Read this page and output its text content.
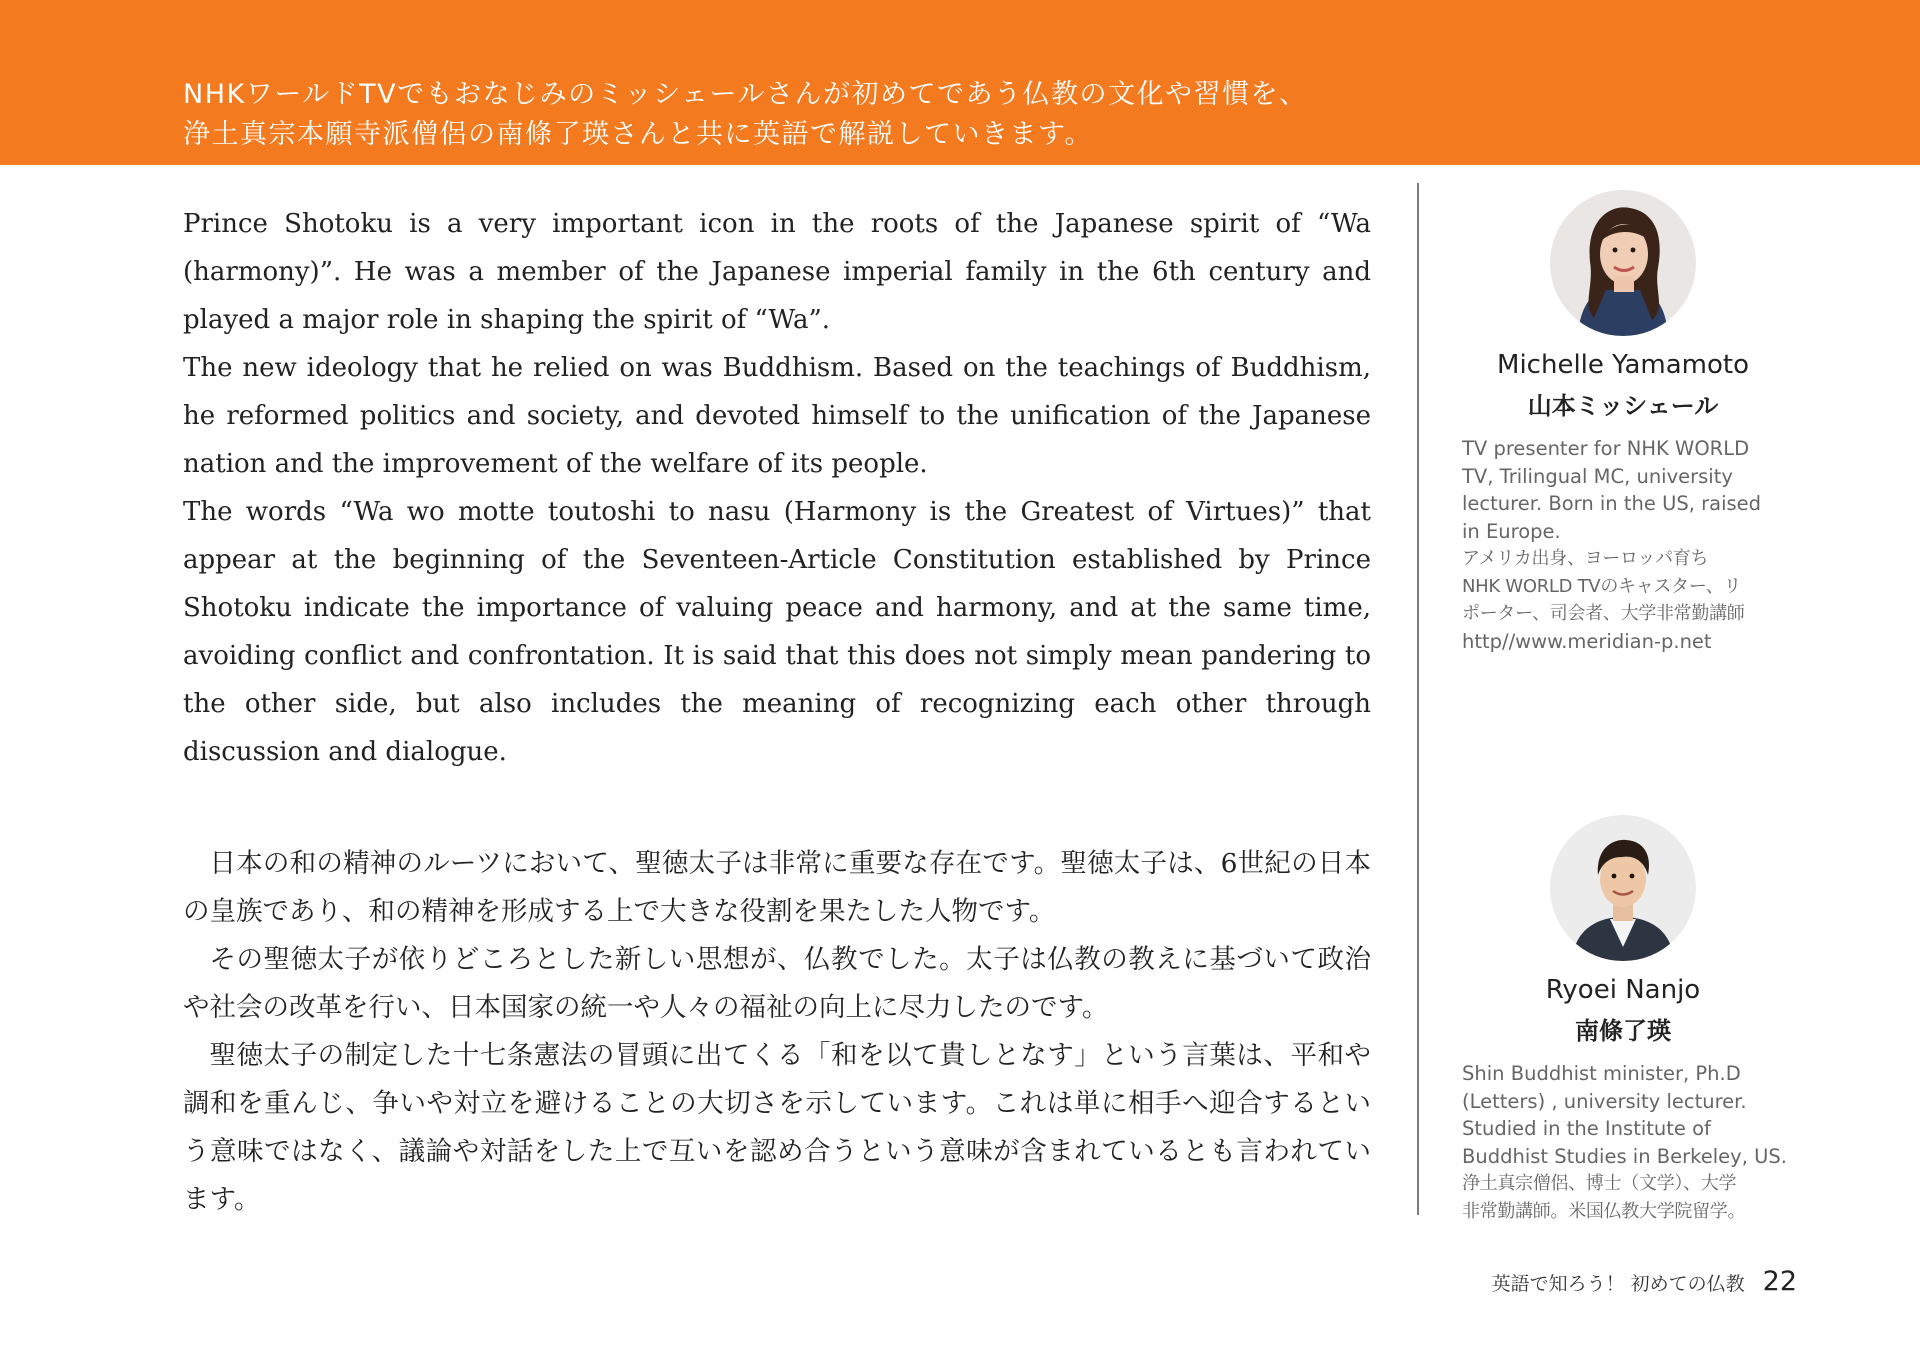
NHKワールドTVでもおなじみのミッシェールさんが初めてであう仏教の文化や習慣を、
浄土真宗本願寺派僧侶の南條了瑛さんと共に英語で解説していきます。

Prince Shotoku is a very important icon in the roots of the Japanese spirit of “Wa (harmony)”. He was a member of the Japanese imperial family in the 6th century and played a major role in shaping the spirit of “Wa”.

The new ideology that he relied on was Buddhism. Based on the teachings of Buddhism, he reformed politics and society, and devoted himself to the unification of the Japanese nation and the improvement of the welfare of its people.

The words “Wa wo motte toutoshi to nasu (Harmony is the Greatest of Virtues)” that appear at the beginning of the Seventeen-Article Constitution established by Prince Shotoku indicate the importance of valuing peace and harmony, and at the same time, avoiding conflict and confrontation. It is said that this does not simply mean pandering to the other side, but also includes the meaning of recognizing each other through discussion and dialogue.

日本の和の精神のルーツにおいて、聖徳太子は非常に重要な存在です。聖徳太子は、6世紀の日本の皇族であり、和の精神を形成する上で大きな役割を果たした人物です。

その聖徳太子が依りどころとした新しい思想が、仏教でした。太子は仏教の教えに基づいて政治や社会の改革を行い、日本国家の統一や人々の福祉の向上に尽力したのです。

聖徳太子の制定した十七条憲法の冒頭に出てくる「和を以て貴しとなす」という言葉は、平和や調和を重んじ、争いや対立を避けることの大切さを示しています。これは単に相手へ迎合するという意味ではなく、議論や対話をした上で互いを認め合うという意味が含まれているとも言われています。

Michelle Yamamoto
山本ミッシェール
TV presenter for NHK WORLD
TV, Trilingual MC, university
lecturer. Born in the US, raised
in Europe.
アメリカ出身、ヨーロッパ育ち
NHK WORLD TVのキャスター、リ
ポーター、司会者、大学非常勤講師
http//www.meridian-p.net
Ryoei Nanjo
南條了瑛
Shin Buddhist minister, Ph.D
(Letters) , university lecturer.
Studied in the Institute of
Buddhist Studies in Berkeley, US.
浄土真宗僧侶、博士（文学）、大学
非常勤講師。米国仏教大学院留学。
英語で知ろう！ 初めての仏教 22
